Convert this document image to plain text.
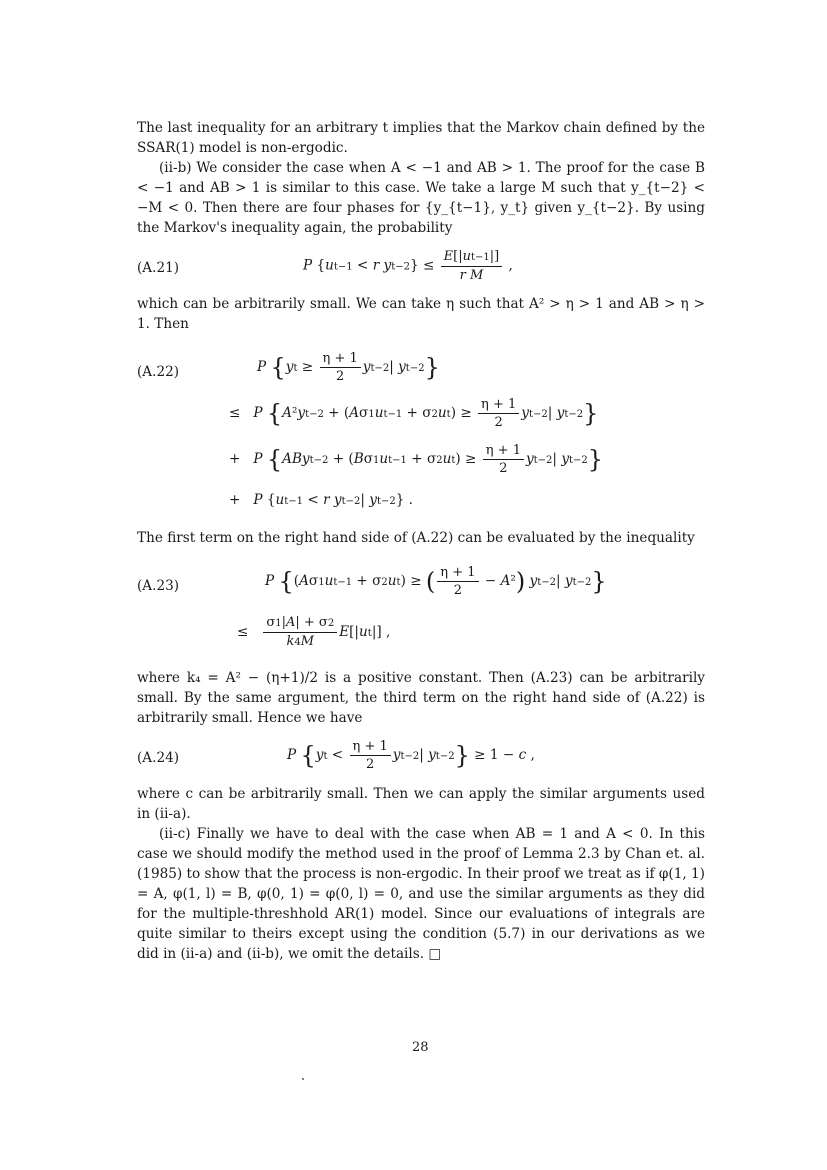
The last inequality for an arbitrary t implies that the Markov chain defined by the SSAR(1) model is non-ergodic.

(ii-b) We consider the case when A < −1 and AB > 1. The proof for the case B < −1 and AB > 1 is similar to this case. We take a large M such that y_{t−2} < −M < 0. Then there are four phases for {y_{t−1}, y_t} given y_{t−2}. By using the Markov's inequality again, the probability

(A.21)	P {ut−1 < r $yt-2\} \le \frac{E[|ut-1|]}{\text{r M}}$ ,

which can be arbitrarily small. We can take η such that A² > η > 1 and AB > η > 1. Then

(A.22)	P {$yt \ge \frac{\eta + 1}{2} yt-2|$ yt−2}
≤   P {$A^2yt-2 + (A\sigma 1ut-1 + \sigma 2ut) \ge \frac{\eta + 1}{2} yt-2|$ yt−2}
+   P {AByt−2 + $(B\sigma 1ut-1 + \sigma 2ut) \ge \frac{\eta + 1}{2} yt-2|$ yt−2}
+   P {ut−1 < r yt−2| yt−2} .

The first term on the right hand side of (A.22) can be evaluated by the inequality

(A.23)	P {(Aσ1ut−1 + σ2ut) ≥ ( $\frac{\eta + 1}{2} - A^2$) yt−2| yt−2}
≤ $\frac{\sigma 1|A| + \sigma 2}{k4M} E[|ut|]$ ,

where k₄ = A² − (η+1)/2 is a positive constant. Then (A.23) can be arbitrarily small. By the same argument, the third term on the right hand side of (A.22) is arbitrarily small. Hence we have

(A.24)	P {$yt < \frac{\eta + 1}{2} yt-2|$ yt−2} ≥ 1 − c ,

where c can be arbitrarily small. Then we can apply the similar arguments used in (ii-a).

(ii-c) Finally we have to deal with the case when AB = 1 and A < 0. In this case we should modify the method used in the proof of Lemma 2.3 by Chan et. al. (1985) to show that the process is non-ergodic. In their proof we treat as if φ(1, 1) = A, φ(1, l) = B, φ(0, 1) = φ(0, l) = 0, and use the similar arguments as they did for the multiple-threshhold AR(1) model. Since our evaluations of integrals are quite similar to theirs except using the condition (5.7) in our derivations as we did in (ii-a) and (ii-b), we omit the details. □

28
